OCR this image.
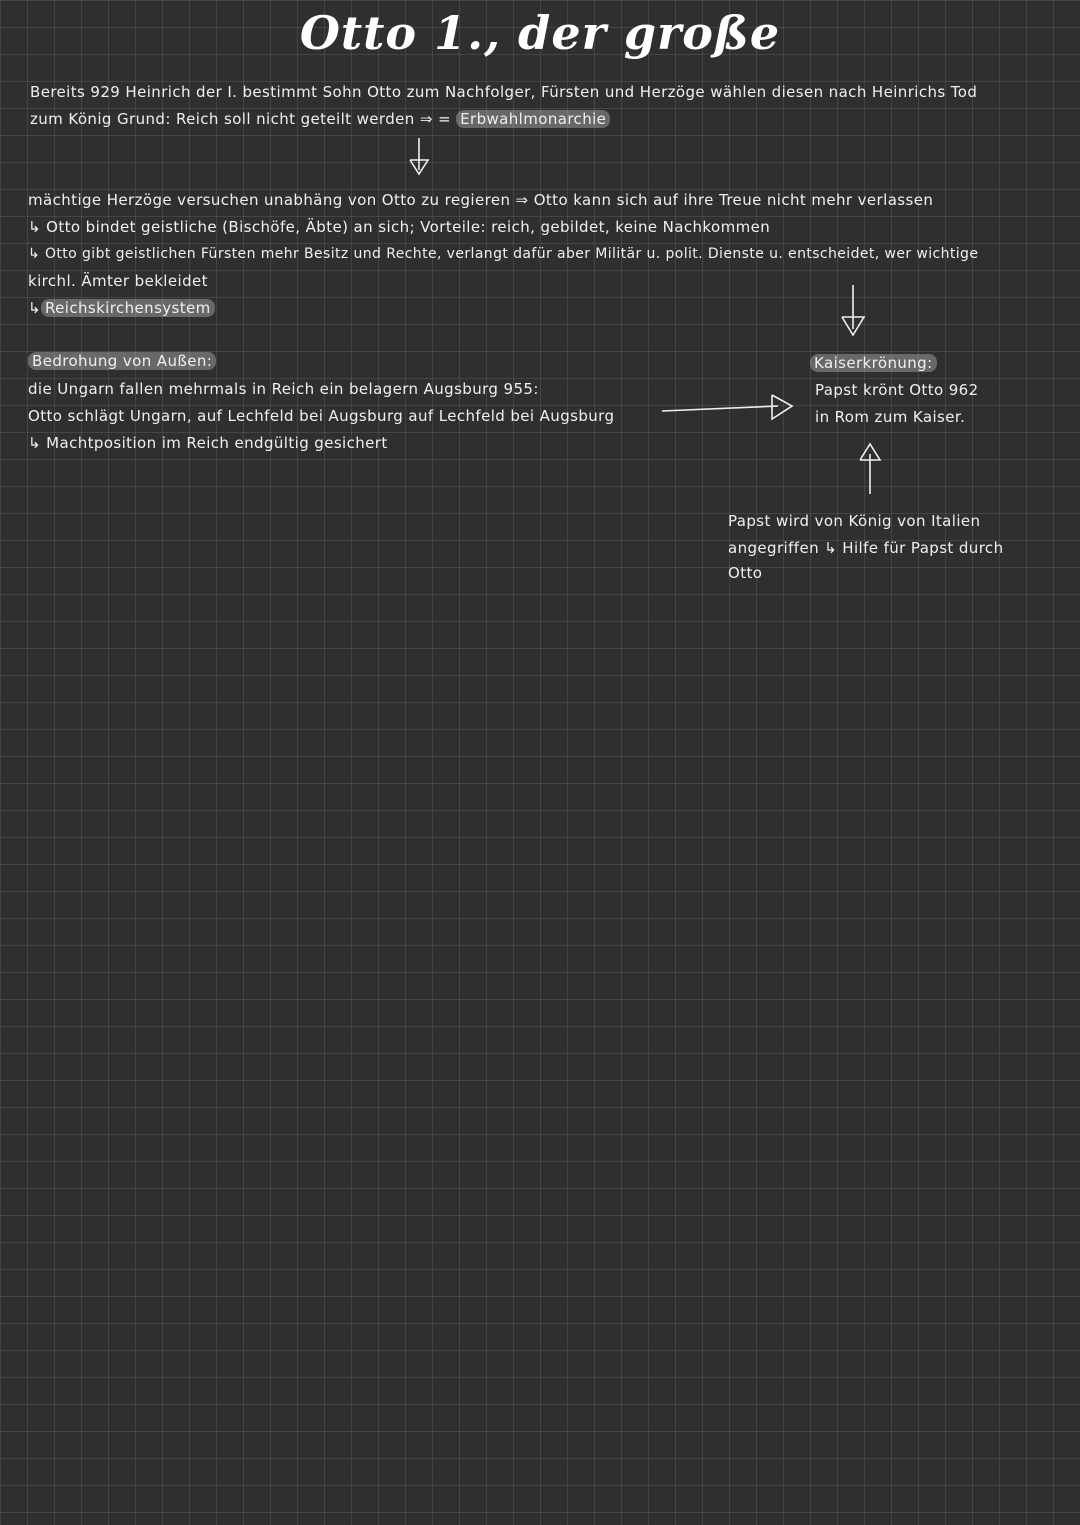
Otto 1., der große
Bereits 929 Heinrich der I. bestimmt Sohn Otto zum Nachfolger, Fürsten und Herzöge wählen diesen nach Heinrichs Tod
zum König Grund: Reich soll nicht geteilt werden ⇒ = Erbwahlmonarchie
mächtige Herzöge versuchen unabhäng von Otto zu regieren ⇒ Otto kann sich auf ihre Treue nicht mehr verlassen
↳ Otto bindet geistliche (Bischöfe, Äbte) an sich; Vorteile: reich, gebildet, keine Nachkommen
↳ Otto gibt geistlichen Fürsten mehr Besitz und Rechte, verlangt dafür aber Militär u. polit. Dienste u. entscheidet, wer wichtige
kirchl. Ämter bekleidet
↳ Reichskirchensystem
Bedrohung von Außen:
die Ungarn fallen mehrmals in Reich ein belagern Augsburg 955:
Otto schlägt Ungarn, auf Lechfeld bei Augsburg auf Lechfeld bei Augsburg
↳ Machtposition im Reich endgültig gesichert
Kaiserkrönung:
Papst krönt Otto 962
in Rom zum Kaiser.
Papst wird von König von Italien
angegriffen ↳ Hilfe für Papst durch
Otto
